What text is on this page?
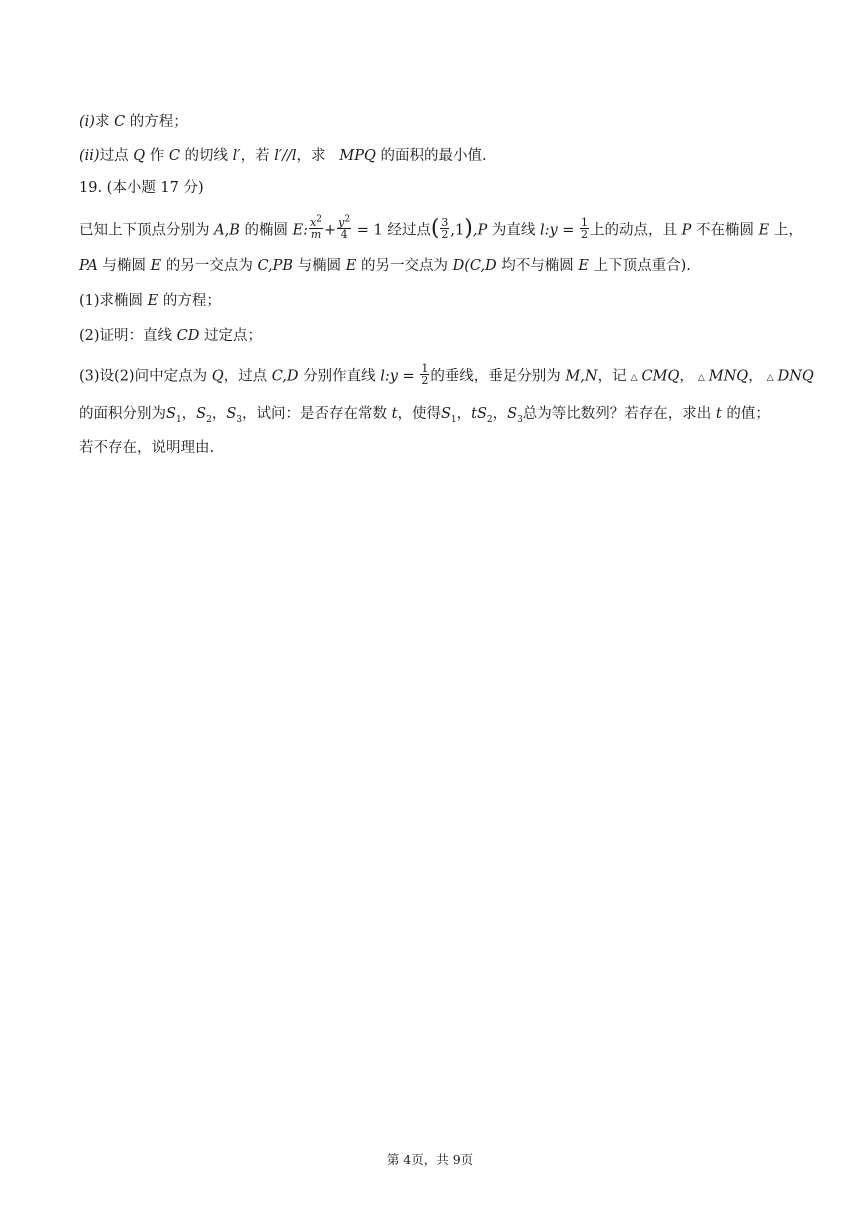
(i)求 C 的方程；
(ii)过点 Q 作 C 的切线 l′，若 l′//l，求 MPQ 的面积的最小值.
19. (本小题 17 分)
已知上下顶点分别为 A,B 的椭圆 E: $\frac{x^2}{m} + \frac{y^2}{4} = 1$ 经过点( $\frac{3}{2} ,1),P$ 为直线 l:y = $\frac{1}{2}$ 上的动点，且 P 不在椭圆 E 上，
PA 与椭圆 E 的另一交点为 C,PB 与椭圆 E 的另一交点为 D(C,D 均不与椭圆 E 上下顶点重合).
(1)求椭圆 E 的方程；
(2)证明：直线 CD 过定点；
(3)设(2)问中定点为 Q，过点 C,D 分别作直线 l:y = $\frac{1}{2}$ 的垂线，垂足分别为 M,N，记 △ CMQ， △ MNQ， △ DNQ
的面积分别为$S_1$，$S_2$，$S_3$，试问：是否存在常数 t，使得$S_1$，$tS_2$，$S_3$总为等比数列？若存在，求出 t 的值；
若不存在，说明理由.
第 4页，共 9页
